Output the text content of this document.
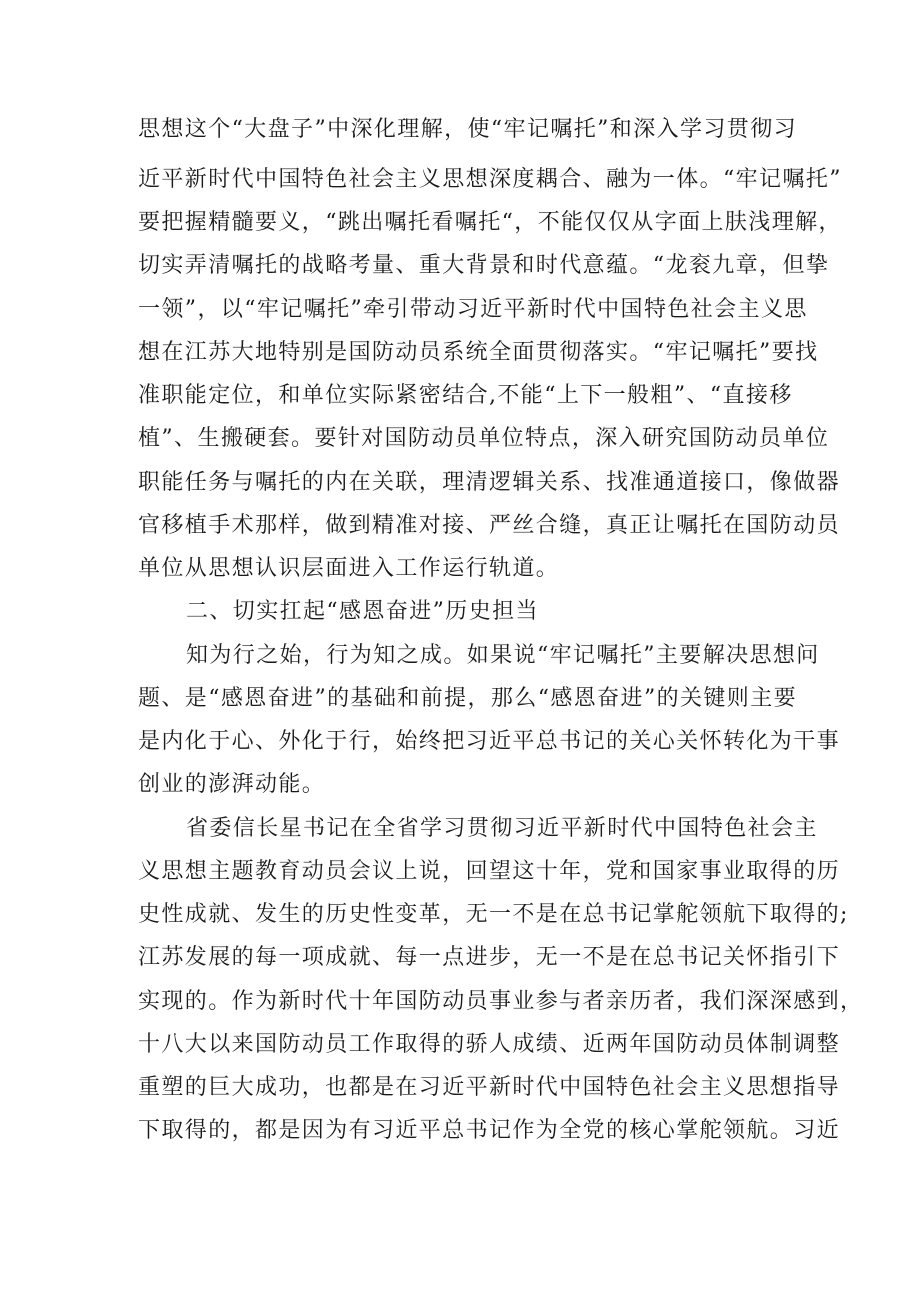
思想这个“大盘子”中深化理解，使“牢记嘱托”和深入学习贯彻习

近平新时代中国特色社会主义思想深度耦合、融为一体。“牢记嘱托”

要把握精髓要义，“跳出嘱托看嘱托“，不能仅仅从字面上肤浅理解，

切实弄清嘱托的战略考量、重大背景和时代意蕴。“龙衮九章，但挚

一领”，以“牢记嘱托”牵引带动习近平新时代中国特色社会主义思

想在江苏大地特别是国防动员系统全面贯彻落实。“牢记嘱托”要找

准职能定位，和单位实际紧密结合,不能“上下一般粗”、“直接移

植”、生搬硬套。要针对国防动员单位特点，深入研究国防动员单位

职能任务与嘱托的内在关联，理清逻辑关系、找准通道接口，像做器

官移植手术那样，做到精准对接、严丝合缝，真正让嘱托在国防动员

单位从思想认识层面进入工作运行轨道。

二、切实扛起“感恩奋进”历史担当

知为行之始，行为知之成。如果说“牢记嘱托”主要解决思想问

题、是“感恩奋进”的基础和前提，那么“感恩奋进”的关键则主要

是内化于心、外化于行，始终把习近平总书记的关心关怀转化为干事

创业的澎湃动能。

省委信长星书记在全省学习贯彻习近平新时代中国特色社会主

义思想主题教育动员会议上说，回望这十年，党和国家事业取得的历

史性成就、发生的历史性变革，无一不是在总书记掌舵领航下取得的;

江苏发展的每一项成就、每一点进步，无一不是在总书记关怀指引下

实现的。作为新时代十年国防动员事业参与者亲历者，我们深深感到，

十八大以来国防动员工作取得的骄人成绩、近两年国防动员体制调整

重塑的巨大成功，也都是在习近平新时代中国特色社会主义思想指导

下取得的，都是因为有习近平总书记作为全党的核心掌舵领航。习近
